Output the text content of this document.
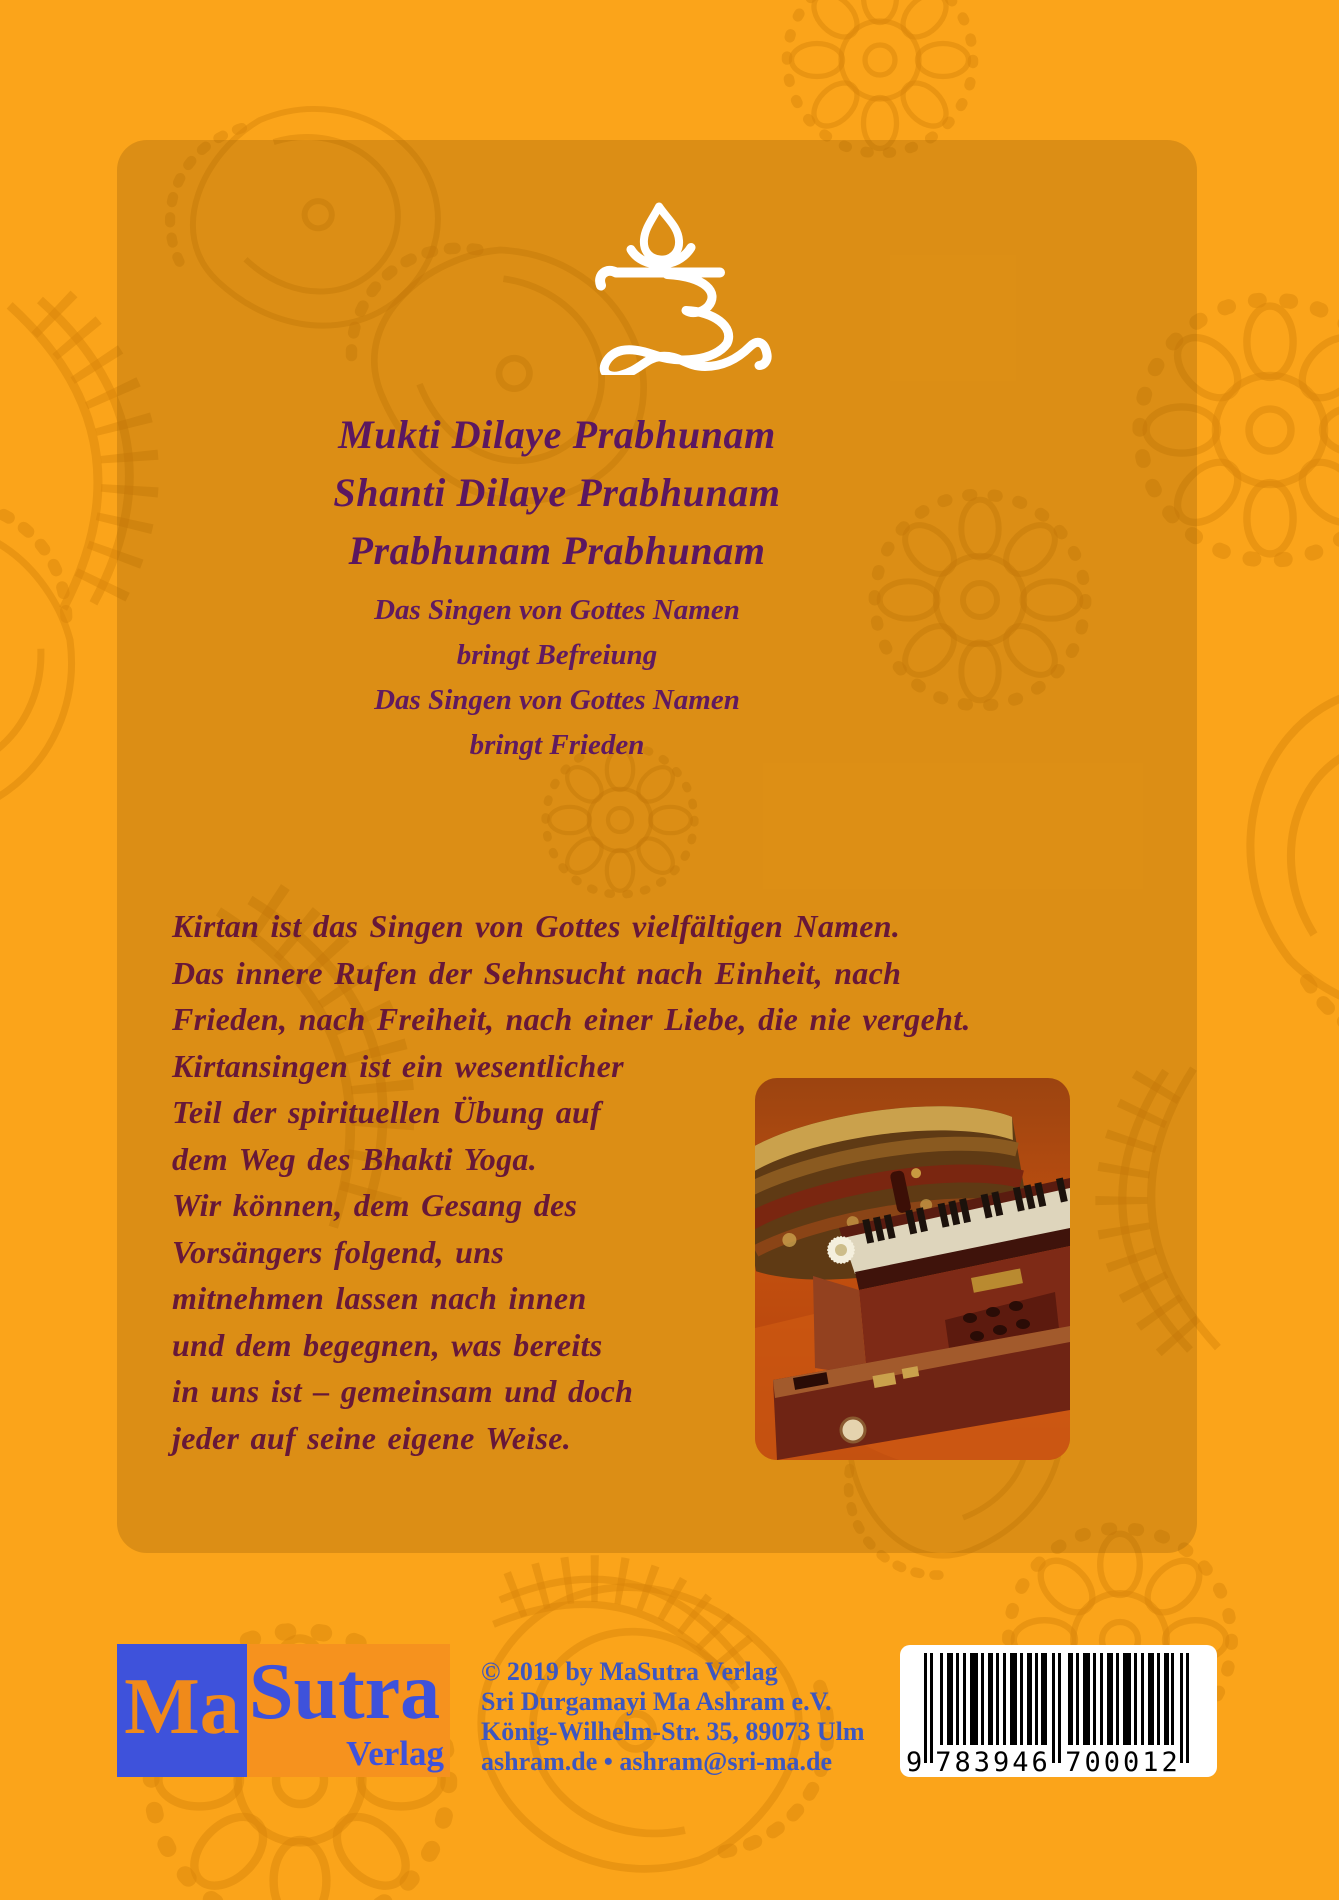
Mukti Dilaye Prabhunam
Shanti Dilaye Prabhunam
Prabhunam Prabhunam
Das Singen von Gottes Namen
bringt Befreiung
Das Singen von Gottes Namen
bringt Frieden
Kirtan ist das Singen von Gottes vielfältigen Namen.
Das innere Rufen der Sehnsucht nach Einheit, nach
Frieden, nach Freiheit, nach einer Liebe, die nie vergeht.
Kirtansingen ist ein wesentlicher
Teil der spirituellen Übung auf
dem Weg des Bhakti Yoga.
Wir können, dem Gesang des
Vorsängers folgend, uns
mitnehmen lassen nach innen
und dem begegnen, was bereits
in uns ist – gemeinsam und doch
jeder auf seine eigene Weise.
Ma Sutra
Verlag
© 2019 by MaSutra Verlag
Sri Durgamayi Ma Ashram e.V.
König-Wilhelm-Str. 35, 89073 Ulm
ashram.de • ashram@sri-ma.de	9 783946 700012
